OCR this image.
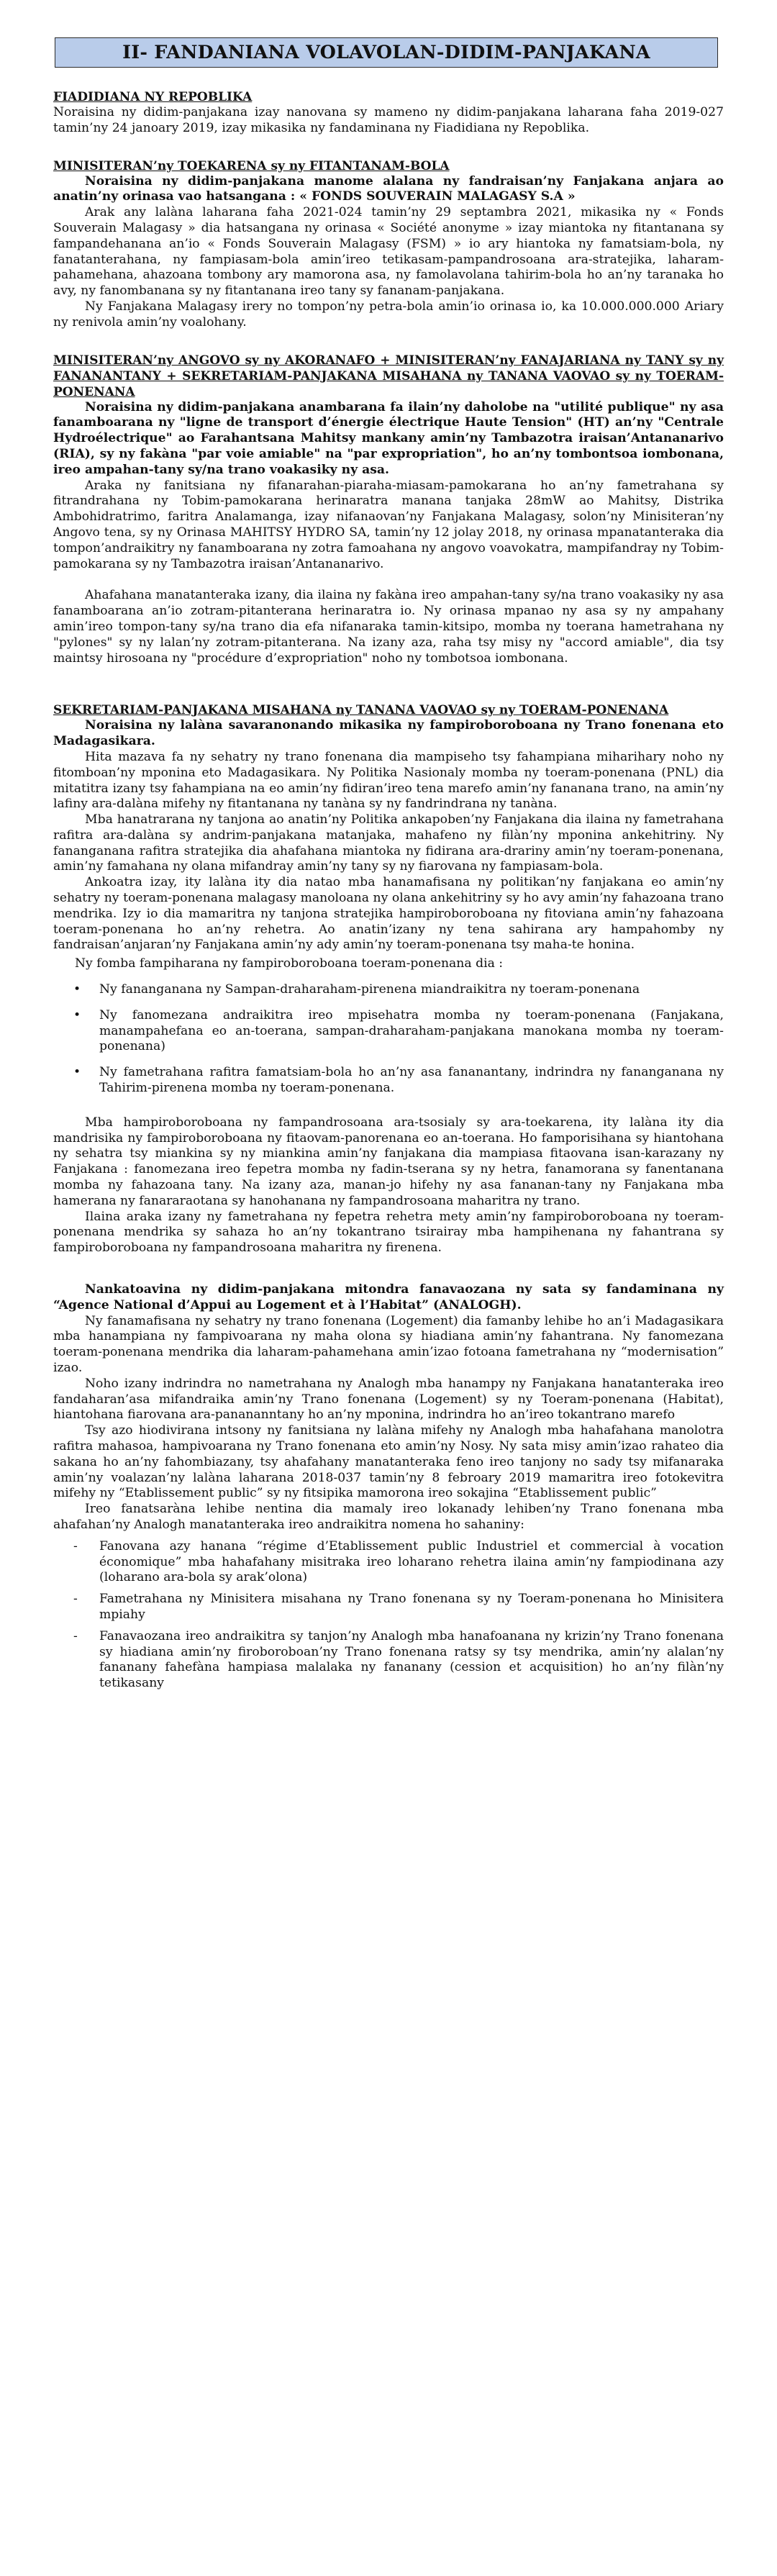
II- FANDANIANA VOLAVOLAN-DIDIM-PANJAKANA
FIADIDIANA NY REPOBLIKA

Noraisina ny didim-panjakana izay nanovana sy mameno ny didim-panjakana laharana faha 2019-027 tamin’ny 24 janoary 2019, izay mikasika ny fandaminana ny Fiadidiana ny Repoblika.

MINISITERAN’ny TOEKARENA sy ny FITANTANAM-BOLA

Noraisina ny didim-panjakana manome alalana ny fandraisan’ny Fanjakana anjara ao anatin’ny orinasa vao hatsangana : « FONDS SOUVERAIN MALAGASY S.A »

Arak any lalàna laharana faha 2021-024 tamin’ny 29 septambra 2021, mikasika ny « Fonds Souverain Malagasy » dia hatsangana ny orinasa « Société anonyme » izay miantoka ny fitantanana sy fampandehanana an’io « Fonds Souverain Malagasy (FSM) » io ary hiantoka ny famatsiam-bola, ny fanatanterahana, ny fampiasam-bola amin’ireo tetikasam-pampandrosoana ara-stratejika, laharam-pahamehana, ahazoana tombony ary mamorona asa, ny famolavolana tahirim-bola ho an’ny taranaka ho avy, ny fanombanana sy ny fitantanana ireo tany sy fananam-panjakana.

Ny Fanjakana Malagasy irery no tompon’ny petra-bola amin’io orinasa io, ka 10.000.000.000 Ariary ny renivola amin’ny voalohany.

MINISITERAN’ny ANGOVO sy ny AKORANAFO + MINISITERAN’ny FANAJARIANA ny TANY sy ny FANANANTANY + SEKRETARIAM-PANJAKANA MISAHANA ny TANANA VAOVAO sy ny TOERAM-PONENANA

Noraisina ny didim-panjakana anambarana fa ilain’ny daholobe na "utilité publique" ny asa fanamboarana ny "ligne de transport d’énergie électrique Haute Tension" (HT) an’ny "Centrale Hydroélectrique" ao Farahantsana Mahitsy mankany amin’ny Tambazotra iraisan’Antananarivo (RIA), sy ny fakàna "par voie amiable" na "par expropriation", ho an’ny tombontsoa iombonana, ireo ampahan-tany sy/na trano voakasiky ny asa.

Araka ny fanitsiana ny fifanarahan-piaraha-miasam-pamokarana ho an’ny fametrahana sy fitrandrahana ny Tobim-pamokarana herinaratra manana tanjaka 28mW ao Mahitsy, Distrika Ambohidratrimo, faritra Analamanga, izay nifanaovan’ny Fanjakana Malagasy, solon’ny Minisiteran’ny Angovo tena, sy ny Orinasa MAHITSY HYDRO SA, tamin’ny 12 jolay 2018, ny orinasa mpanatanteraka dia tompon’andraikitry ny fanamboarana ny zotra famoahana ny angovo voavokatra, mampifandray ny Tobim-pamokarana sy ny Tambazotra iraisan’Antananarivo.

Ahafahana manatanteraka izany, dia ilaina ny fakàna ireo ampahan-tany sy/na trano voakasiky ny asa fanamboarana an’io zotram-pitanterana herinaratra io. Ny orinasa mpanao ny asa sy ny ampahany amin’ireo tompon-tany sy/na trano dia efa nifanaraka tamin-kitsipo, momba ny toerana hametrahana ny "pylones" sy ny lalan’ny zotram-pitanterana. Na izany aza, raha tsy misy ny "accord amiable", dia tsy maintsy hirosoana ny "procédure d’expropriation" noho ny tombotsoa iombonana.

SEKRETARIAM-PANJAKANA MISAHANA ny TANANA VAOVAO sy ny TOERAM-PONENANA

Noraisina ny lalàna savaranonando mikasika ny fampiroboroboana ny Trano fonenana eto Madagasikara.

Hita mazava fa ny sehatry ny trano fonenana dia mampiseho tsy fahampiana miharihary noho ny fitomboan’ny mponina eto Madagasikara. Ny Politika Nasionaly momba ny toeram-ponenana (PNL) dia mitatitra izany tsy fahampiana na eo amin’ny fidiran’ireo tena marefo amin’ny fananana trano, na amin’ny lafiny ara-dalàna mifehy ny fitantanana ny tanàna sy ny fandrindrana ny tanàna.

Mba hanatrarana ny tanjona ao anatin’ny Politika ankapoben’ny Fanjakana dia ilaina ny fametrahana rafitra ara-dalàna sy andrim-panjakana matanjaka, mahafeno ny filàn’ny mponina ankehitriny. Ny fananganana rafitra stratejika dia ahafahana miantoka ny fidirana ara-drariny amin’ny toeram-ponenana, amin’ny famahana ny olana mifandray amin’ny tany sy ny fiarovana ny fampiasam-bola.

Ankoatra izay, ity lalàna ity dia natao mba hanamafisana ny politikan’ny fanjakana eo amin’ny sehatry ny toeram-ponenana malagasy manoloana ny olana ankehitriny sy ho avy amin’ny fahazoana trano mendrika. Izy io dia mamaritra ny tanjona stratejika hampiroboroboana ny fitoviana amin’ny fahazoana toeram-ponenana ho an’ny rehetra. Ao anatin’izany ny tena sahirana ary hampahomby ny fandraisan’anjaran’ny Fanjakana amin’ny ady amin’ny toeram-ponenana tsy maha-te honina.

Ny fomba fampiharana ny fampiroboroboana toeram-ponenana dia :

• Ny fananganana ny Sampan-draharaham-pirenena miandraikitra ny toeram-ponenana
• Ny fanomezana andraikitra ireo mpisehatra momba ny toeram-ponenana (Fanjakana, manampahefana eo an-toerana, sampan-draharaham-panjakana manokana momba ny toeram-ponenana)
• Ny fametrahana rafitra famatsiam-bola ho an’ny asa fananantany, indrindra ny fananganana ny Tahirim-pirenena momba ny toeram-ponenana.

Mba hampiroboroboana ny fampandrosoana ara-tsosialy sy ara-toekarena, ity lalàna ity dia mandrisika ny fampiroboroboana ny fitaovam-panorenana eo an-toerana. Ho famporisihana sy hiantohana ny sehatra tsy miankina sy ny miankina amin’ny fanjakana dia mampiasa fitaovana isan-karazany ny Fanjakana : fanomezana ireo fepetra momba ny fadin-tserana sy ny hetra, fanamorana sy fanentanana momba ny fahazoana tany. Na izany aza, manan-jo hifehy ny asa fananan-tany ny Fanjakana mba hamerana ny fanararaotana sy hanohanana ny fampandrosoana maharitra ny trano.

Ilaina araka izany ny fametrahana ny fepetra rehetra mety amin’ny fampiroboroboana ny toeram-ponenana mendrika sy sahaza ho an’ny tokantrano tsirairay mba hampihenana ny fahantrana sy fampiroboroboana ny fampandrosoana maharitra ny firenena.

Nankatoavina ny didim-panjakana mitondra fanavaozana ny sata sy fandaminana ny “Agence National d’Appui au Logement et à l’Habitat” (ANALOGH).

Ny fanamafisana ny sehatry ny trano fonenana (Logement) dia famanby lehibe ho an’i Madagasikara mba hanampiana ny fampivoarana ny maha olona sy hiadiana amin’ny fahantrana. Ny fanomezana toeram-ponenana mendrika dia laharam-pahamehana amin’izao fotoana fametrahana ny “modernisation” izao.

Noho izany indrindra no nametrahana ny Analogh mba hanampy ny Fanjakana hanatanteraka ireo fandaharan’asa mifandraika amin’ny Trano fonenana (Logement) sy ny Toeram-ponenana (Habitat), hiantohana fiarovana ara-panananntany ho an’ny mponina, indrindra ho an’ireo tokantrano marefo

Tsy azo hiodivirana intsony ny fanitsiana ny lalàna mifehy ny Analogh mba hahafahana manolotra rafitra mahasoa, hampivoarana ny Trano fonenana eto amin’ny Nosy. Ny sata misy amin’izao rahateo dia sakana ho an’ny fahombiazany, tsy ahafahany manatanteraka feno ireo tanjony no sady tsy mifanaraka amin’ny voalazan’ny lalàna laharana 2018-037 tamin’ny 8 febroary 2019 mamaritra ireo fotokevitra mifehy ny “Etablissement public” sy ny fitsipika mamorona ireo sokajina “Etablissement public”

Ireo fanatsaràna lehibe nentina dia mamaly ireo lokanady lehiben’ny Trano fonenana mba ahafahan’ny Analogh manatanteraka ireo andraikitra nomena ho sahaniny:

- Fanovana azy hanana “régime d’Etablissement public Industriel et commercial à vocation économique” mba hahafahany misitraka ireo loharano rehetra ilaina amin’ny fampiodinana azy (loharano ara-bola sy arak’olona)
- Fametrahana ny Minisitera misahana ny Trano fonenana sy ny Toeram-ponenana ho Minisitera mpiahy
- Fanavaozana ireo andraikitra sy tanjon’ny Analogh mba hanafoanana ny krizin’ny Trano fonenana sy hiadiana amin’ny firoboroboan’ny Trano fonenana ratsy sy tsy mendrika, amin’ny alalan’ny fananany fahefàna hampiasa malalaka ny fananany (cession et acquisition) ho an’ny filàn’ny tetikasany
